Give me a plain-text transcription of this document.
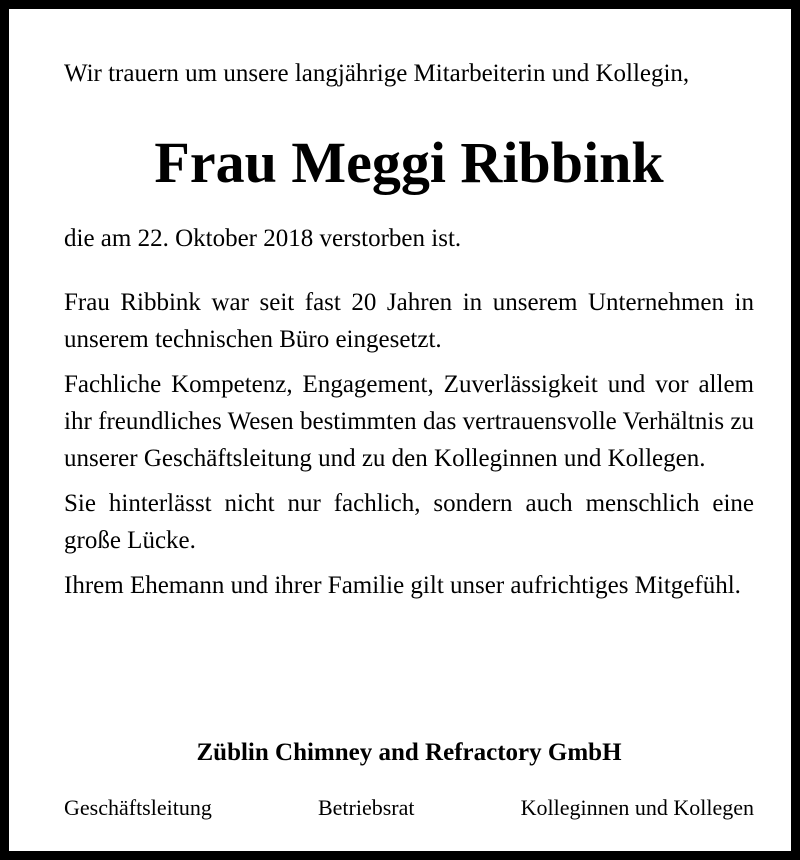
Wir trauern um unsere langjährige Mitarbeiterin und Kollegin,
Frau Meggi Ribbink
die am 22. Oktober 2018 verstorben ist.

Frau Ribbink war seit fast 20 Jahren in unserem Unternehmen in unserem technischen Büro eingesetzt.

Fachliche Kompetenz, Engagement, Zuverlässigkeit und vor allem ihr freundliches Wesen bestimmten das vertrauensvolle Verhältnis zu unserer Geschäftsleitung und zu den Kolleginnen und Kollegen.

Sie hinterlässt nicht nur fachlich, sondern auch menschlich eine große Lücke.

Ihrem Ehemann und ihrer Familie gilt unser aufrichtiges Mitgefühl.

Züblin Chimney and Refractory GmbH
Geschäftsleitung	Betriebsrat	Kolleginnen und Kollegen
